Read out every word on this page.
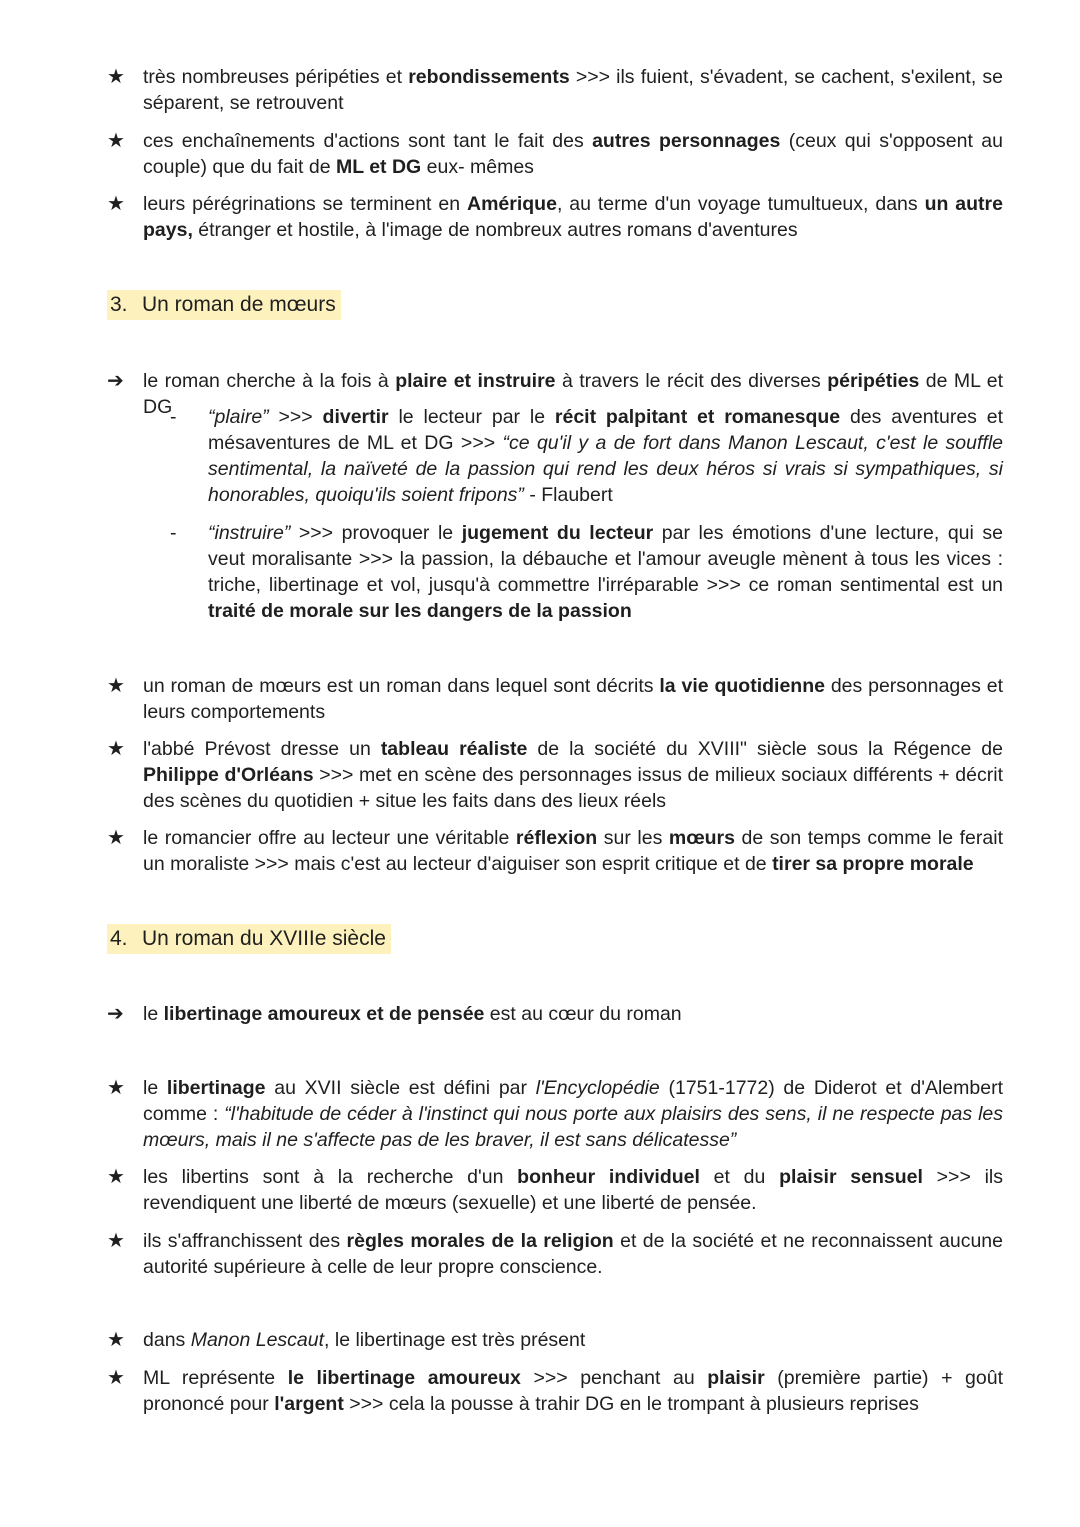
★ très nombreuses péripéties et rebondissements >>> ils fuient, s'évadent, se cachent, s'exilent, se séparent, se retrouvent
★ ces enchaînements d'actions sont tant le fait des autres personnages (ceux qui s'opposent au couple) que du fait de ML et DG eux- mêmes
★ leurs pérégrinations se terminent en Amérique, au terme d'un voyage tumultueux, dans un autre pays, étranger et hostile, à l'image de nombreux autres romans d'aventures
3. Un roman de mœurs
➔ le roman cherche à la fois à plaire et instruire à travers le récit des diverses péripéties de ML et DG
-	“plaire” >>> divertir le lecteur par le récit palpitant et romanesque des aventures et mésaventures de ML et DG >>> “ce qu'il y a de fort dans Manon Lescaut, c'est le souffle sentimental, la naïveté de la passion qui rend les deux héros si vrais si sympathiques, si honorables, quoiqu'ils soient fripons” - Flaubert
-	“instruire” >>> provoquer le jugement du lecteur par les émotions d'une lecture, qui se veut moralisante >>> la passion, la débauche et l'amour aveugle mènent à tous les vices : triche, libertinage et vol, jusqu'à commettre l'irréparable >>> ce roman sentimental est un traité de morale sur les dangers de la passion
★ un roman de mœurs est un roman dans lequel sont décrits la vie quotidienne des personnages et leurs comportements
★ l'abbé Prévost dresse un tableau réaliste de la société du XVIII" siècle sous la Régence de Philippe d'Orléans >>> met en scène des personnages issus de milieux sociaux différents + décrit des scènes du quotidien + situe les faits dans des lieux réels
★ le romancier offre au lecteur une véritable réflexion sur les mœurs de son temps comme le ferait un moraliste >>> mais c'est au lecteur d'aiguiser son esprit critique et de tirer sa propre morale
4. Un roman du XVIIIe siècle
➔ le libertinage amoureux et de pensée est au cœur du roman
★ le libertinage au XVII siècle est défini par l'Encyclopédie (1751-1772) de Diderot et d'Alembert comme : “l'habitude de céder à l'instinct qui nous porte aux plaisirs des sens, il ne respecte pas les mœurs, mais il ne s'affecte pas de les braver, il est sans délicatesse”
★ les libertins sont à la recherche d'un bonheur individuel et du plaisir sensuel >>> ils revendiquent une liberté de mœurs (sexuelle) et une liberté de pensée.
★ ils s'affranchissent des règles morales de la religion et de la société et ne reconnaissent aucune autorité supérieure à celle de leur propre conscience.
★ dans Manon Lescaut, le libertinage est très présent
★ ML représente le libertinage amoureux >>> penchant au plaisir (première partie) + goût prononcé pour l'argent >>> cela la pousse à trahir DG en le trompant à plusieurs reprises
